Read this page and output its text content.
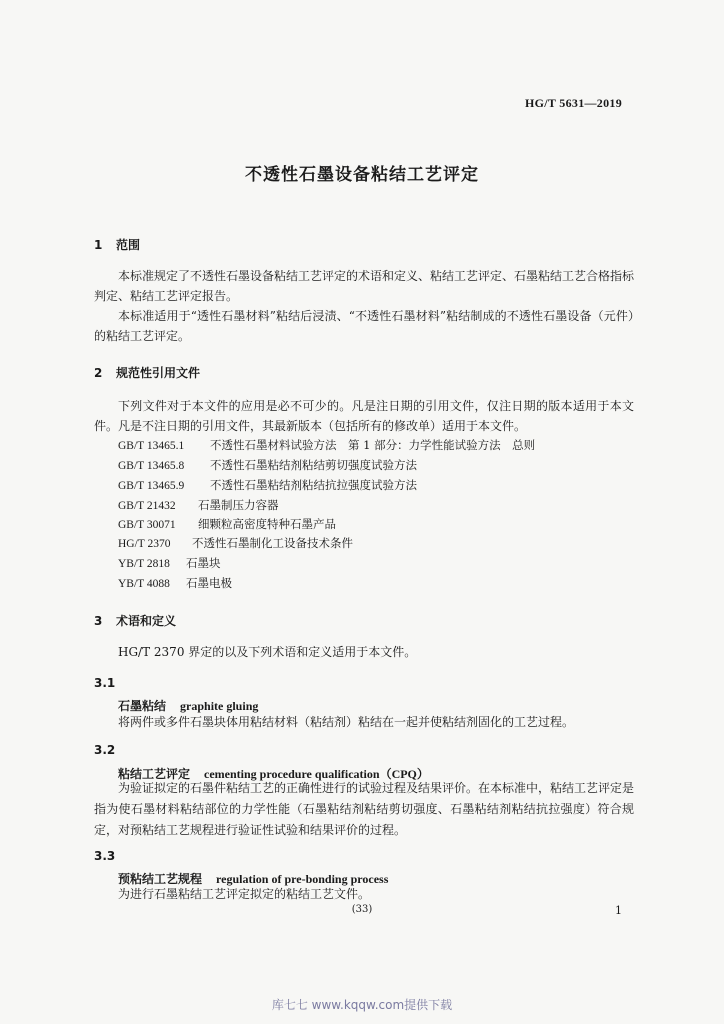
HG/T 5631—2019
不透性石墨设备粘结工艺评定
1 范围
本标准规定了不透性石墨设备粘结工艺评定的术语和定义、粘结工艺评定、石墨粘结工艺合格指标判定、粘结工艺评定报告。
本标准适用于“透性石墨材料”粘结后浸渍、“不透性石墨材料”粘结制成的不透性石墨设备（元件）的粘结工艺评定。
2 规范性引用文件
下列文件对于本文件的应用是必不可少的。凡是注日期的引用文件，仅注日期的版本适用于本文件。凡是不注日期的引用文件，其最新版本（包括所有的修改单）适用于本文件。
GB/T 13465.1 不透性石墨材料试验方法　第 1 部分：力学性能试验方法　总则
GB/T 13465.8 不透性石墨粘结剂粘结剪切强度试验方法
GB/T 13465.9 不透性石墨粘结剂粘结抗拉强度试验方法
GB/T 21432 石墨制压力容器
GB/T 30071 细颗粒高密度特种石墨产品
HG/T 2370 不透性石墨制化工设备技术条件
YB/T 2818 石墨块
YB/T 4088 石墨电极
3 术语和定义
HG/T 2370 界定的以及下列术语和定义适用于本文件。
3.1
石墨粘结 graphite gluing
将两件或多件石墨块体用粘结材料（粘结剂）粘结在一起并使粘结剂固化的工艺过程。
3.2
粘结工艺评定 cementing procedure qualification（CPQ）
为验证拟定的石墨件粘结工艺的正确性进行的试验过程及结果评价。在本标准中，粘结工艺评定是指为使石墨材料粘结部位的力学性能（石墨粘结剂粘结剪切强度、石墨粘结剂粘结抗拉强度）符合规定，对预粘结工艺规程进行验证性试验和结果评价的过程。
3.3
预粘结工艺规程 regulation of pre-bonding process
为进行石墨粘结工艺评定拟定的粘结工艺文件。
(33)	1
库七七 www.kqqw.com提供下载
